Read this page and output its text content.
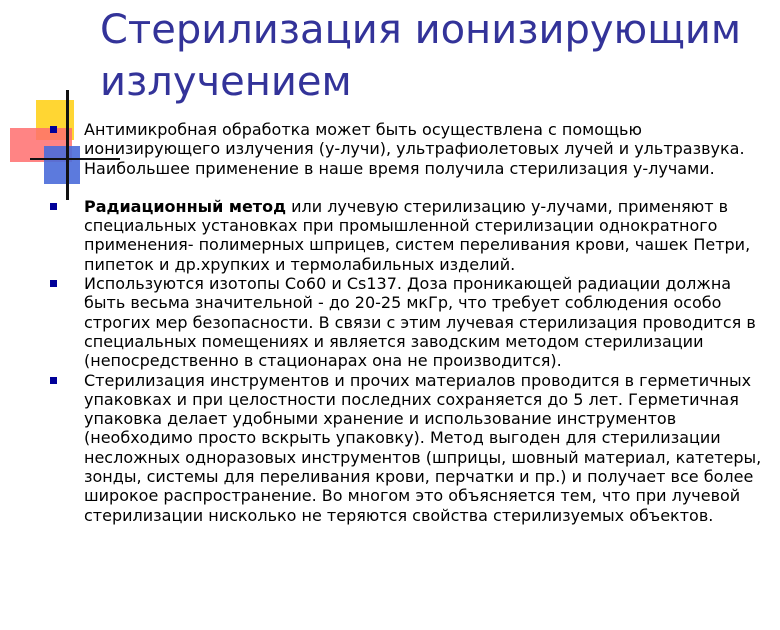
Стерилизация ионизирующим излучением
Антимикробная обработка может быть осуществлена с помощью ионизирующего излучения (у-лучи), ультрафиолетовых лучей и ультразвука. Наибольшее применение в наше время получила стерилизация у-лучами.
Радиационный метод или лучевую стерилизацию у-лучами, применяют в специальных установках при промышленной стерилизации однократного применения- полимерных шприцев, систем переливания крови, чашек Петри, пипеток и др.хрупких и термолабильных изделий.
Используются изотопы Со60 и Cs137. Доза проникающей радиации должна быть весьма значительной - до 20-25 мкГр, что требует соблюдения особо строгих мер безопасности. В связи с этим лучевая стерилизация проводится в специальных помещениях и является заводским методом стерилизации (непосредственно в стационарах она не производится).
Стерилизация инструментов и прочих материалов проводится в герметичных упаковках и при целостности последних сохраняется до 5 лет. Герметичная упаковка делает удобными хранение и использование инструментов (необходимо просто вскрыть упаковку). Метод выгоден для стерилизации несложных одноразовых инструментов (шприцы, шовный материал, катетеры, зонды, системы для переливания крови, перчатки и пр.) и получает все более широкое распространение. Во многом это объясняется тем, что при лучевой стерилизации нисколько не теряются свойства стерилизуемых объектов.
